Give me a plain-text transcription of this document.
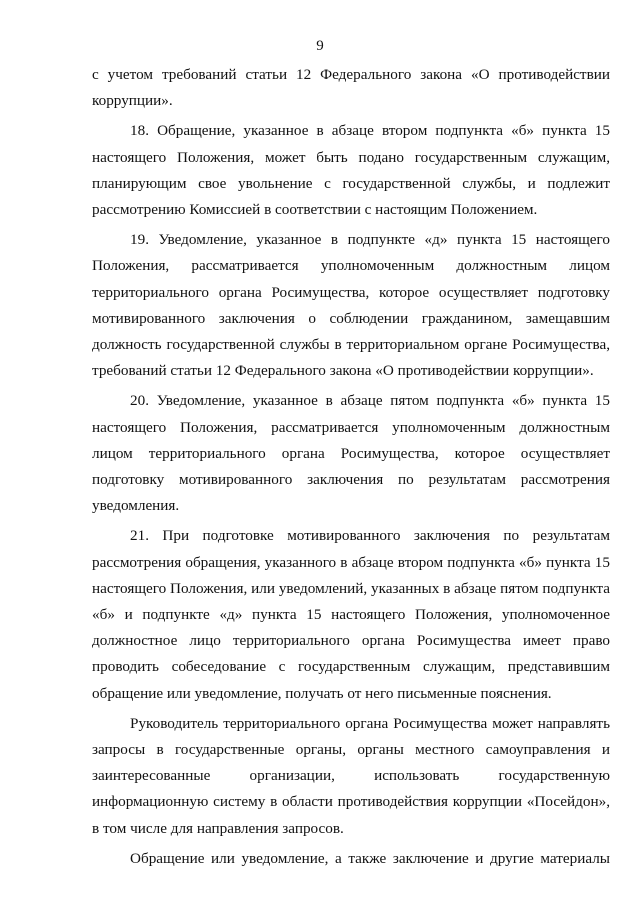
9

с учетом требований статьи 12 Федерального закона «О противодействии коррупции».

18. Обращение, указанное в абзаце втором подпункта «б» пункта 15 настоящего Положения, может быть подано государственным служащим, планирующим свое увольнение с государственной службы, и подлежит рассмотрению Комиссией в соответствии с настоящим Положением.

19. Уведомление, указанное в подпункте «д» пункта 15 настоящего Положения, рассматривается уполномоченным должностным лицом территориального органа Росимущества, которое осуществляет подготовку мотивированного заключения о соблюдении гражданином, замещавшим должность государственной службы в территориальном органе Росимущества, требований статьи 12 Федерального закона «О противодействии коррупции».

20. Уведомление, указанное в абзаце пятом подпункта «б» пункта 15 настоящего Положения, рассматривается уполномоченным должностным лицом территориального органа Росимущества, которое осуществляет подготовку мотивированного заключения по результатам рассмотрения уведомления.

21. При подготовке мотивированного заключения по результатам рассмотрения обращения, указанного в абзаце втором подпункта «б» пункта 15 настоящего Положения, или уведомлений, указанных в абзаце пятом подпункта «б» и подпункте «д» пункта 15 настоящего Положения, уполномоченное должностное лицо территориального органа Росимущества имеет право проводить собеседование с государственным служащим, представившим обращение или уведомление, получать от него письменные пояснения.

Руководитель территориального органа Росимущества может направлять запросы в государственные органы, органы местного самоуправления и заинтересованные организации, использовать государственную информационную систему в области противодействия коррупции «Посейдон», в том числе для направления запросов.

Обращение или уведомление, а также заключение и другие материалы
